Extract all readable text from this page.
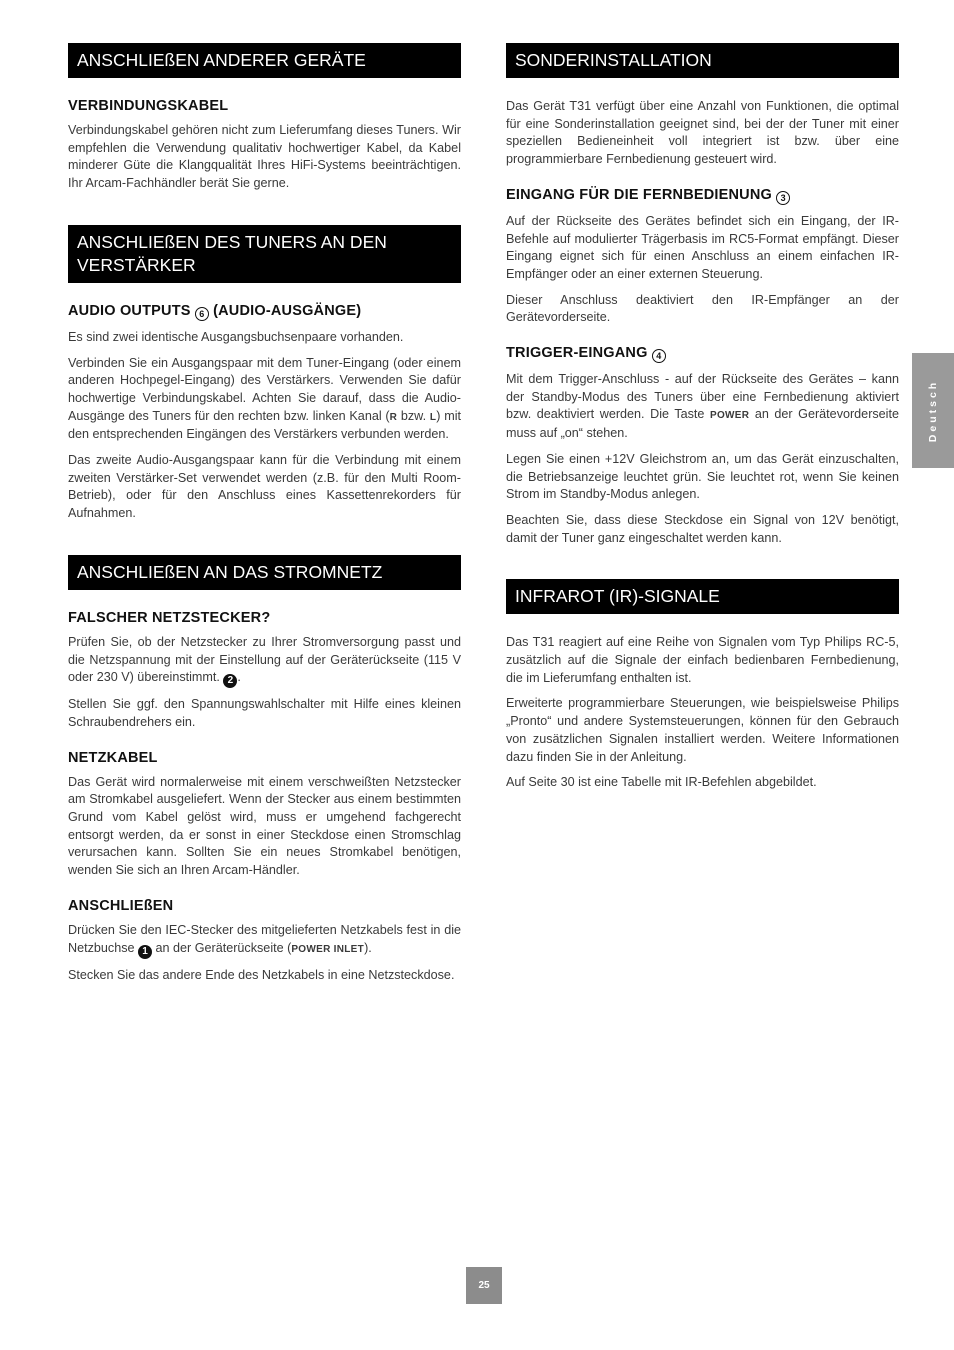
ANSCHLIEßEN ANDERER GERÄTE
VERBINDUNGSKABEL

Verbindungskabel gehören nicht zum Lieferumfang dieses Tuners. Wir empfehlen die Verwendung qualitativ hochwertiger Kabel, da Kabel minderer Güte die Klangqualität Ihres HiFi-Systems beeinträchtigen. Ihr Arcam-Fachhändler berät Sie gerne.

ANSCHLIEßEN DES TUNERS AN DEN VERSTÄRKER
AUDIO OUTPUTS 6 (AUDIO-AUSGÄNGE)

Es sind zwei identische Ausgangsbuchsenpaare vorhanden.

Verbinden Sie ein Ausgangspaar mit dem Tuner-Eingang (oder einem anderen Hochpegel-Eingang) des Verstärkers. Verwenden Sie dafür hochwertige Verbindungskabel. Achten Sie darauf, dass die Audio-Ausgänge des Tuners für den rechten bzw. linken Kanal (R bzw. L) mit den entsprechenden Eingängen des Verstärkers verbunden werden.

Das zweite Audio-Ausgangspaar kann für die Verbindung mit einem zweiten Verstärker-Set verwendet werden (z.B. für den Multi Room-Betrieb), oder für den Anschluss eines Kassettenrekorders für Aufnahmen.

ANSCHLIEßEN AN DAS STROMNETZ
FALSCHER NETZSTECKER?

Prüfen Sie, ob der Netzstecker zu Ihrer Stromversorgung passt und die Netzspannung mit der Einstellung auf der Geräterückseite (115 V oder 230 V) übereinstimmt. 2 .

Stellen Sie ggf. den Spannungswahlschalter mit Hilfe eines kleinen Schraubendrehers ein.

NETZKABEL

Das Gerät wird normalerweise mit einem verschweißten Netzstecker am Stromkabel ausgeliefert. Wenn der Stecker aus einem bestimmten Grund vom Kabel gelöst wird, muss er umgehend fachgerecht entsorgt werden, da er sonst in einer Steckdose einen Stromschlag verursachen kann. Sollten Sie ein neues Stromkabel benötigen, wenden Sie sich an Ihren Arcam-Händler.

ANSCHLIEßEN

Drücken Sie den IEC-Stecker des mitgelieferten Netzkabels fest in die Netzbuchse 1 an der Geräterückseite (POWER INLET).

Stecken Sie das andere Ende des Netzkabels in eine Netzsteckdose.

SONDERINSTALLATION

Das Gerät T31 verfügt über eine Anzahl von Funktionen, die optimal für eine Sonderinstallation geeignet sind, bei der der Tuner mit einer speziellen Bedieneinheit voll integriert ist bzw. über eine programmierbare Fernbedienung gesteuert wird.

EINGANG FÜR DIE FERNBEDIENUNG 3

Auf der Rückseite des Gerätes befindet sich ein Eingang, der IR-Befehle auf modulierter Trägerbasis im RC5-Format empfängt. Dieser Eingang eignet sich für einen Anschluss an einem einfachen IR-Empfänger oder an einer externen Steuerung.

Dieser Anschluss deaktiviert den IR-Empfänger an der Gerätevorderseite.

TRIGGER-EINGANG 4

Mit dem Trigger-Anschluss - auf der Rückseite des Gerätes – kann der Standby-Modus des Tuners über eine Fernbedienung aktiviert bzw. deaktiviert werden. Die Taste POWER an der Gerätevorderseite muss auf „on“ stehen.

Legen Sie einen +12V Gleichstrom an, um das Gerät einzuschalten, die Betriebsanzeige leuchtet grün. Sie leuchtet rot, wenn Sie keinen Strom im Standby-Modus anlegen.

Beachten Sie, dass diese Steckdose ein Signal von 12V benötigt, damit der Tuner ganz eingeschaltet werden kann.

INFRAROT (IR)-SIGNALE

Das T31 reagiert auf eine Reihe von Signalen vom Typ Philips RC-5, zusätzlich auf die Signale der einfach bedienbaren Fernbedienung, die im Lieferumfang enthalten ist.

Erweiterte programmierbare Steuerungen, wie beispielsweise Philips „Pronto“ und andere Systemsteuerungen, können für den Gebrauch von zusätzlichen Signalen installiert werden. Weitere Informationen dazu finden Sie in der Anleitung.

Auf Seite 30 ist eine Tabelle mit IR-Befehlen abgebildet.

Deutsch
25
